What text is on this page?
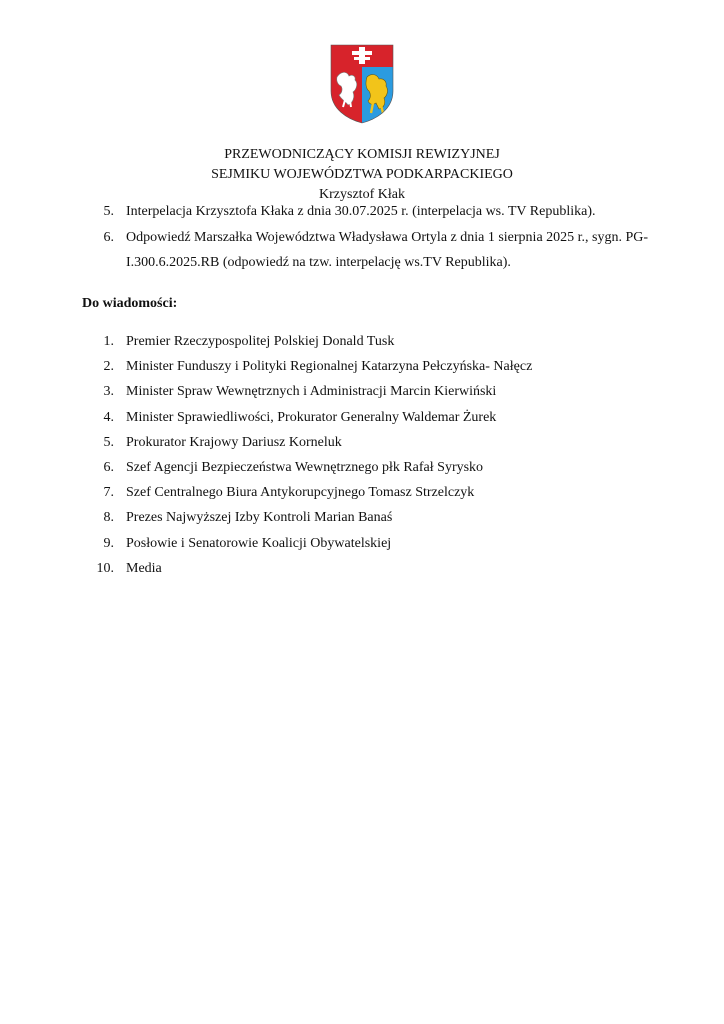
PRZEWODNICZĄCY KOMISJI REWIZYJNEJ
SEJMIKU WOJEWÓDZTWA PODKARPACKIEGO
Krzysztof Kłak
5. Interpelacja Krzysztofa Kłaka z dnia 30.07.2025 r. (interpelacja ws. TV Republika).
6. Odpowiedź Marszałka Województwa Władysława Ortyla z dnia 1 sierpnia 2025 r., sygn. PG-I.300.6.2025.RB (odpowiedź na tzw. interpelację ws.TV Republika).
Do wiadomości:
1. Premier Rzeczypospolitej Polskiej Donald Tusk
2. Minister Funduszy i Polityki Regionalnej Katarzyna Pełczyńska- Nałęcz
3. Minister Spraw Wewnętrznych i Administracji Marcin Kierwiński
4. Minister Sprawiedliwości, Prokurator Generalny Waldemar Żurek
5. Prokurator Krajowy Dariusz Korneluk
6. Szef Agencji Bezpieczeństwa Wewnętrznego płk Rafał Syrysko
7. Szef Centralnego Biura Antykorupcyjnego Tomasz Strzelczyk
8. Prezes Najwyższej Izby Kontroli Marian Banaś
9. Posłowie i Senatorowie Koalicji Obywatelskiej
10. Media
